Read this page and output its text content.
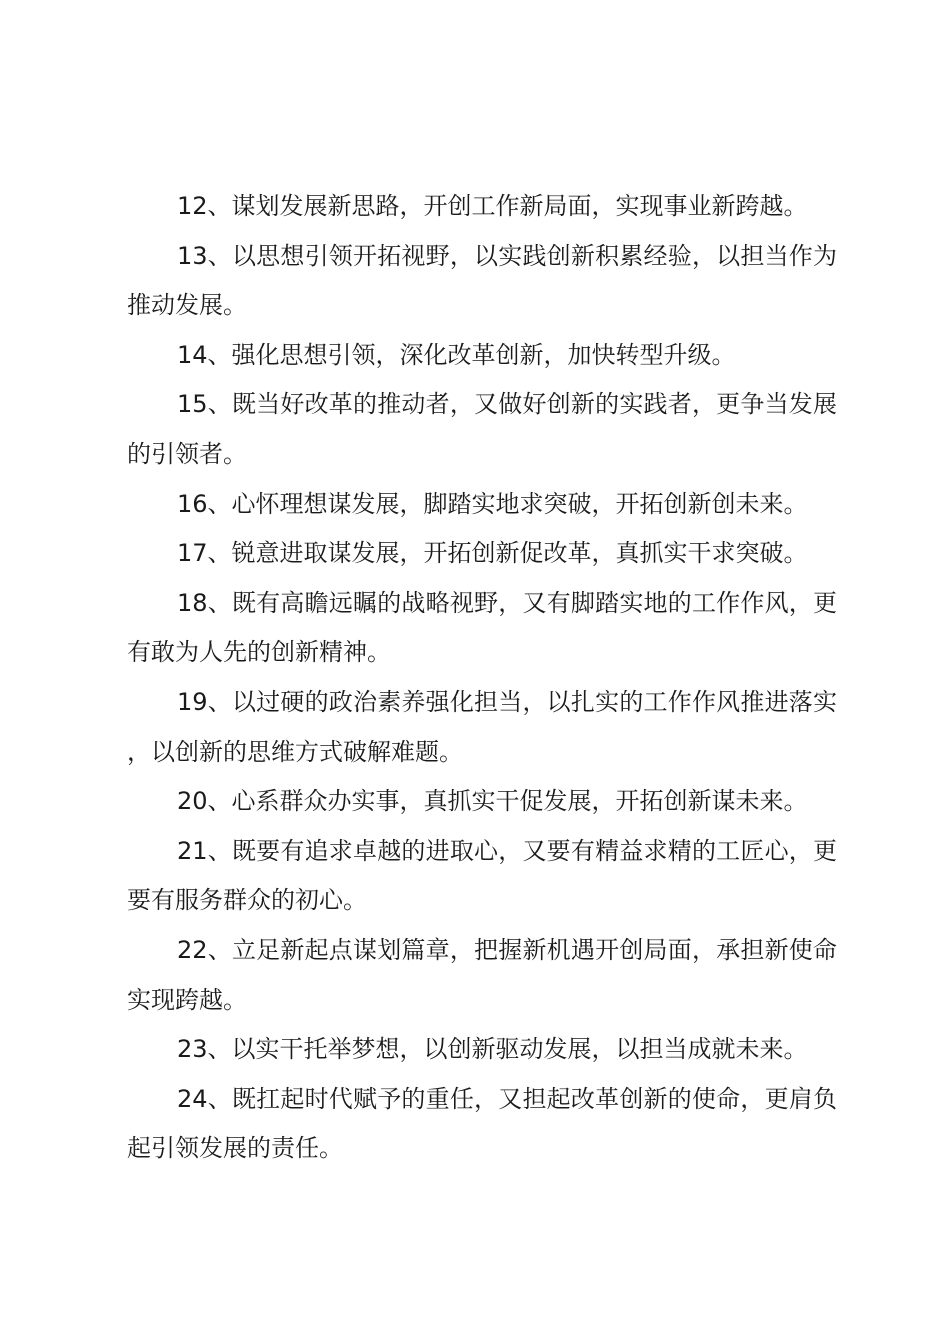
12、谋划发展新思路，开创工作新局面，实现事业新跨越。

13、以思想引领开拓视野，以实践创新积累经验，以担当作为推动发展。

14、强化思想引领，深化改革创新，加快转型升级。

15、既当好改革的推动者，又做好创新的实践者，更争当发展的引领者。

16、心怀理想谋发展，脚踏实地求突破，开拓创新创未来。

17、锐意进取谋发展，开拓创新促改革，真抓实干求突破。

18、既有高瞻远瞩的战略视野，又有脚踏实地的工作作风，更有敢为人先的创新精神。

19、以过硬的政治素养强化担当，以扎实的工作作风推进落实，以创新的思维方式破解难题。

20、心系群众办实事，真抓实干促发展，开拓创新谋未来。

21、既要有追求卓越的进取心，又要有精益求精的工匠心，更要有服务群众的初心。

22、立足新起点谋划篇章，把握新机遇开创局面，承担新使命实现跨越。

23、以实干托举梦想，以创新驱动发展，以担当成就未来。

24、既扛起时代赋予的重任，又担起改革创新的使命，更肩负起引领发展的责任。
